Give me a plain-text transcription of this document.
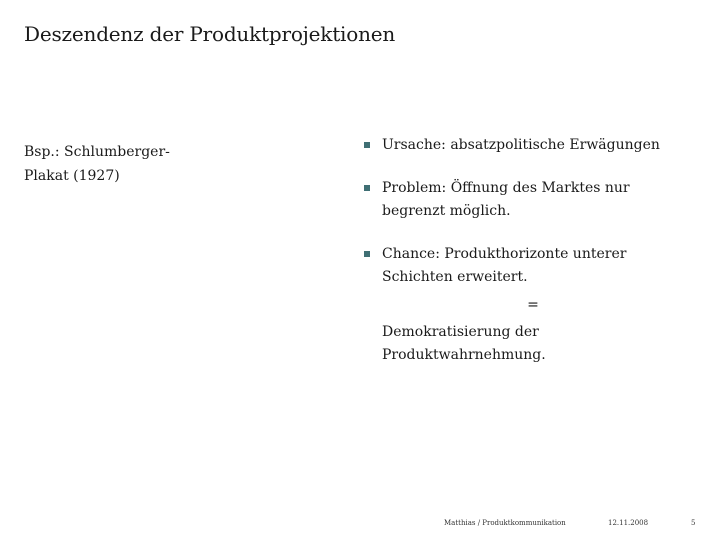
Deszendenz der Produktprojektionen
Bsp.: Schlumberger-Plakat (1927)
Ursache: absatzpolitische Erwägungen
Problem: Öffnung des Marktes nur begrenzt möglich.
Chance: Produkthorizonte unterer Schichten erweitert.
=
Demokratisierung der Produktwahrnehmung.
Matthias / Produktkommunikation	12.11.2008	5
